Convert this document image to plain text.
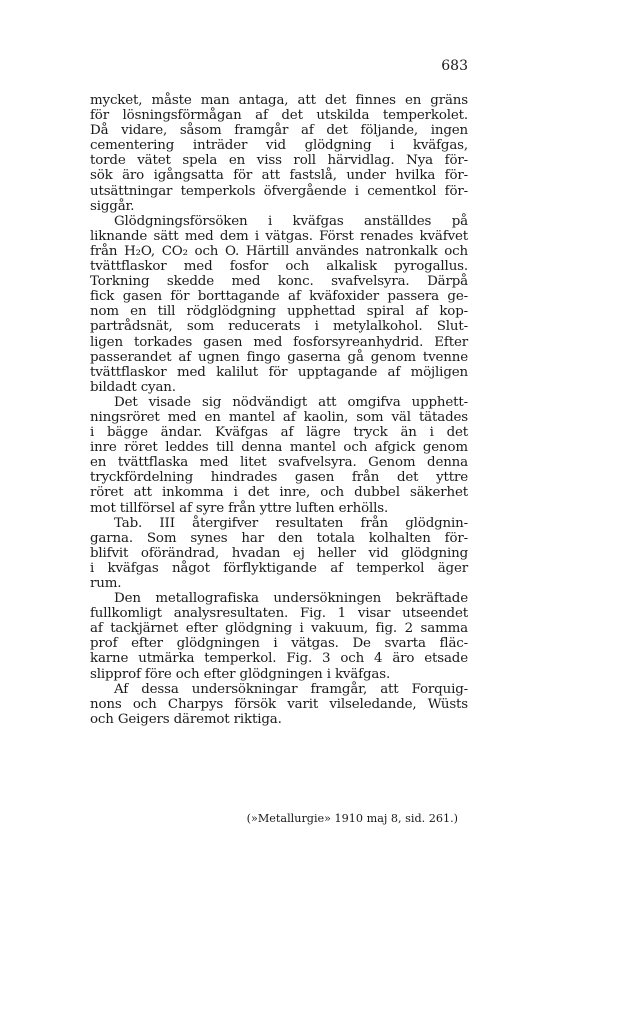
683
mycket, måste man antaga, att det finnes en gräns
för lösningsförmågan af det utskilda temperkolet.
Då vidare, såsom framgår af det följande, ingen
cementering inträder vid glödgning i kväfgas,
torde vätet spela en viss roll härvidlag. Nya för-
sök äro igångsatta för att fastslå, under hvilka för-
utsättningar temperkols öfvergående i cementkol för-
siggår.
Glödgningsförsöken i kväfgas anställdes på
liknande sätt med dem i vätgas. Först renades kväfvet
från H₂O, CO₂ och O. Härtill användes natronkalk och
tvättflaskor med fosfor och alkalisk pyrogallus.
Torkning skedde med konc. svafvelsyra. Därpå
fick gasen för borttagande af kväfoxider passera ge-
nom en till rödglödgning upphettad spiral af kop-
partrådsnät, som reducerats i metylalkohol. Slut-
ligen torkades gasen med fosforsyreanhydrid. Efter
passerandet af ugnen fingo gaserna gå genom tvenne
tvättflaskor med kalilut för upptagande af möjligen
bildadt cyan.
Det visade sig nödvändigt att omgifva upphett-
ningsröret med en mantel af kaolin, som väl tätades
i bägge ändar. Kväfgas af lägre tryck än i det
inre röret leddes till denna mantel och afgick genom
en tvättflaska med litet svafvelsyra. Genom denna
tryckfördelning hindrades gasen från det yttre
röret att inkomma i det inre, och dubbel säkerhet
mot tillförsel af syre från yttre luften erhölls.
Tab. III återgifver resultaten från glödgnin-
garna. Som synes har den totala kolhalten för-
blifvit oförändrad, hvadan ej heller vid glödgning
i kväfgas något förflyktigande af temperkol äger
rum.
Den metallografiska undersökningen bekräftade
fullkomligt analysresultaten. Fig. 1 visar utseendet
af tackjärnet efter glödgning i vakuum, fig. 2 samma
prof efter glödgningen i vätgas. De svarta fläc-
karne utmärka temperkol. Fig. 3 och 4 äro etsade
slipprof före och efter glödgningen i kväfgas.
Af dessa undersökningar framgår, att Forquig-
nons och Charpys försök varit vilseledande, Wüsts
och Geigers däremot riktiga.
(»Metallurgie» 1910 maj 8, sid. 261.)
